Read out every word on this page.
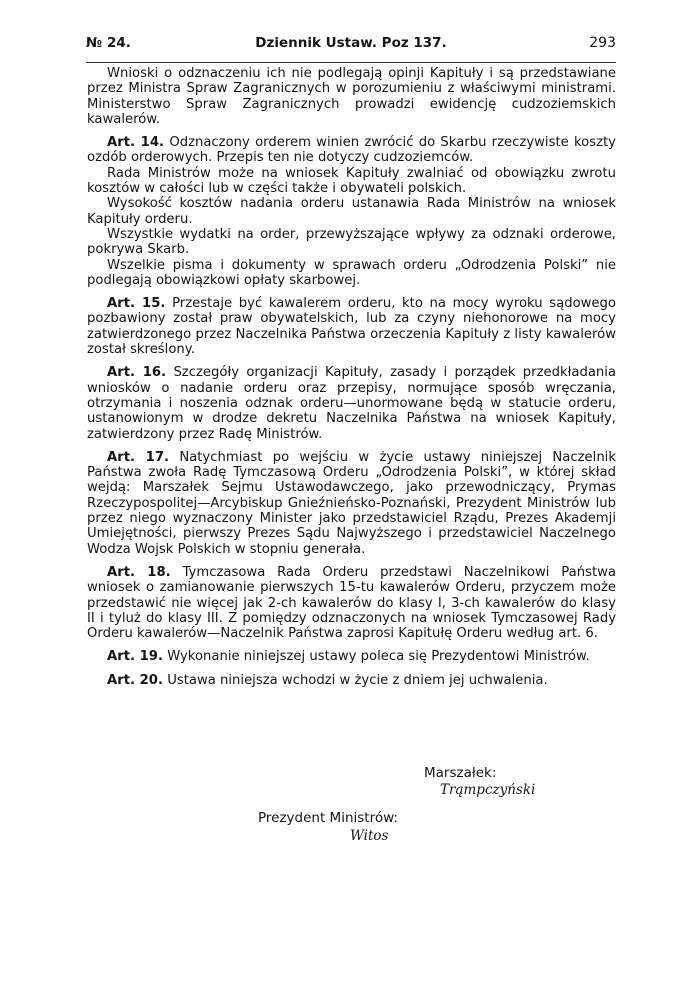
№ 24.	Dziennik Ustaw. Poz 137.	293

Wnioski o odznaczeniu ich nie podlegają opinji Kapituły i są przedstawiane przez Ministra Spraw Zagranicznych w porozumieniu z właściwymi ministrami. Ministerstwo Spraw Zagranicznych prowadzi ewidencję cudzoziemskich kawalerów.

Art. 14. Odznaczony orderem winien zwrócić do Skarbu rzeczywiste koszty ozdób orderowych. Przepis ten nie dotyczy cudzoziemców.

Rada Ministrów może na wniosek Kapituły zwalniać od obowiązku zwrotu kosztów w całości lub w części także i obywateli polskich.

Wysokość kosztów nadania orderu ustanawia Rada Ministrów na wniosek Kapituły orderu.

Wszystkie wydatki na order, przewyższające wpływy za odznaki orderowe, pokrywa Skarb.

Wszelkie pisma i dokumenty w sprawach orderu „Odrodzenia Polski” nie podlegają obowiązkowi opłaty skarbowej.

Art. 15. Przestaje być kawalerem orderu, kto na mocy wyroku sądowego pozbawiony został praw obywatelskich, lub za czyny niehonorowe na mocy zatwierdzonego przez Naczelnika Państwa orzeczenia Kapituły z listy kawalerów został skreślony.

Art. 16. Szczegóły organizacji Kapituły, zasady i porządek przedkładania wniosków o nadanie orderu oraz przepisy, normujące sposób wręczania, otrzymania i noszenia odznak orderu—unormowane będą w statucie orderu, ustanowionym w drodze dekretu Naczelnika Państwa na wniosek Kapituły, zatwierdzony przez Radę Ministrów.

Art. 17. Natychmiast po wejściu w życie ustawy niniejszej Naczelnik Państwa zwoła Radę Tymczasową Orderu „Odrodzenia Polski”, w której skład wejdą: Marszałek Sejmu Ustawodawczego, jako przewodniczący, Prymas Rzeczypospolitej—Arcybiskup Gnieźnieńsko-Poznański, Prezydent Ministrów lub przez niego wyznaczony Minister jako przedstawiciel Rządu, Prezes Akademji Umiejętności, pierwszy Prezes Sądu Najwyższego i przedstawiciel Naczelnego Wodza Wojsk Polskich w stopniu generała.

Art. 18. Tymczasowa Rada Orderu przedstawi Naczelnikowi Państwa wniosek o zamianowanie pierwszych 15-tu kawalerów Orderu, przyczem może przedstawić nie więcej jak 2-ch kawalerów do klasy I, 3-ch kawalerów do klasy II i tyluż do klasy III. Z pomiędzy odznaczonych na wniosek Tymczasowej Rady Orderu kawalerów—Naczelnik Państwa zaprosi Kapitułę Orderu według art. 6.

Art. 19. Wykonanie niniejszej ustawy poleca się Prezydentowi Ministrów.

Art. 20. Ustawa niniejsza wchodzi w życie z dniem jej uchwalenia.

Marszałek:
Trąmpczyński
Prezydent Ministrów:
Witos
